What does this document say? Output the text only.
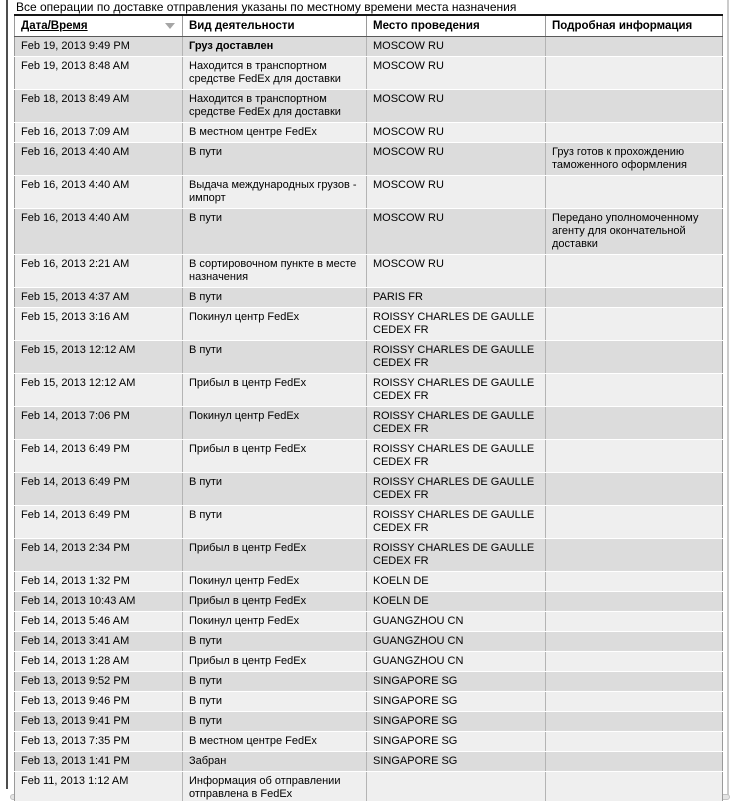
Все операции по доставке отправления указаны по местному времени места назначения
Дата/Время	Вид деятельности	Место проведения	Подробная информация
Feb 19, 2013 9:49 PM	Груз доставлен	MOSCOW RU	
Feb 19, 2013 8:48 AM	Находится в транспортном средстве FedEx для доставки	MOSCOW RU	
Feb 18, 2013 8:49 AM	Находится в транспортном средстве FedEx для доставки	MOSCOW RU	
Feb 16, 2013 7:09 AM	В местном центре FedEx	MOSCOW RU	
Feb 16, 2013 4:40 AM	В пути	MOSCOW RU	Груз готов к прохождению таможенного оформления
Feb 16, 2013 4:40 AM	Выдача международных грузов - импорт	MOSCOW RU	
Feb 16, 2013 4:40 AM	В пути	MOSCOW RU	Передано уполномоченному агенту для окончательной доставки
Feb 16, 2013 2:21 AM	В сортировочном пункте в месте назначения	MOSCOW RU	
Feb 15, 2013 4:37 AM	В пути	PARIS FR	
Feb 15, 2013 3:16 AM	Покинул центр FedEx	ROISSY CHARLES DE GAULLE CEDEX FR	
Feb 15, 2013 12:12 AM	В пути	ROISSY CHARLES DE GAULLE CEDEX FR	
Feb 15, 2013 12:12 AM	Прибыл в центр FedEx	ROISSY CHARLES DE GAULLE CEDEX FR	
Feb 14, 2013 7:06 PM	Покинул центр FedEx	ROISSY CHARLES DE GAULLE CEDEX FR	
Feb 14, 2013 6:49 PM	Прибыл в центр FedEx	ROISSY CHARLES DE GAULLE CEDEX FR	
Feb 14, 2013 6:49 PM	В пути	ROISSY CHARLES DE GAULLE CEDEX FR	
Feb 14, 2013 6:49 PM	В пути	ROISSY CHARLES DE GAULLE CEDEX FR	
Feb 14, 2013 2:34 PM	Прибыл в центр FedEx	ROISSY CHARLES DE GAULLE CEDEX FR	
Feb 14, 2013 1:32 PM	Покинул центр FedEx	KOELN DE	
Feb 14, 2013 10:43 AM	Прибыл в центр FedEx	KOELN DE	
Feb 14, 2013 5:46 AM	Покинул центр FedEx	GUANGZHOU CN	
Feb 14, 2013 3:41 AM	В пути	GUANGZHOU CN	
Feb 14, 2013 1:28 AM	Прибыл в центр FedEx	GUANGZHOU CN	
Feb 13, 2013 9:52 PM	В пути	SINGAPORE SG	
Feb 13, 2013 9:46 PM	В пути	SINGAPORE SG	
Feb 13, 2013 9:41 PM	В пути	SINGAPORE SG	
Feb 13, 2013 7:35 PM	В местном центре FedEx	SINGAPORE SG	
Feb 13, 2013 1:41 PM	Забран	SINGAPORE SG	
Feb 11, 2013 1:12 AM	Информация об отправлении отправлена в FedEx		
